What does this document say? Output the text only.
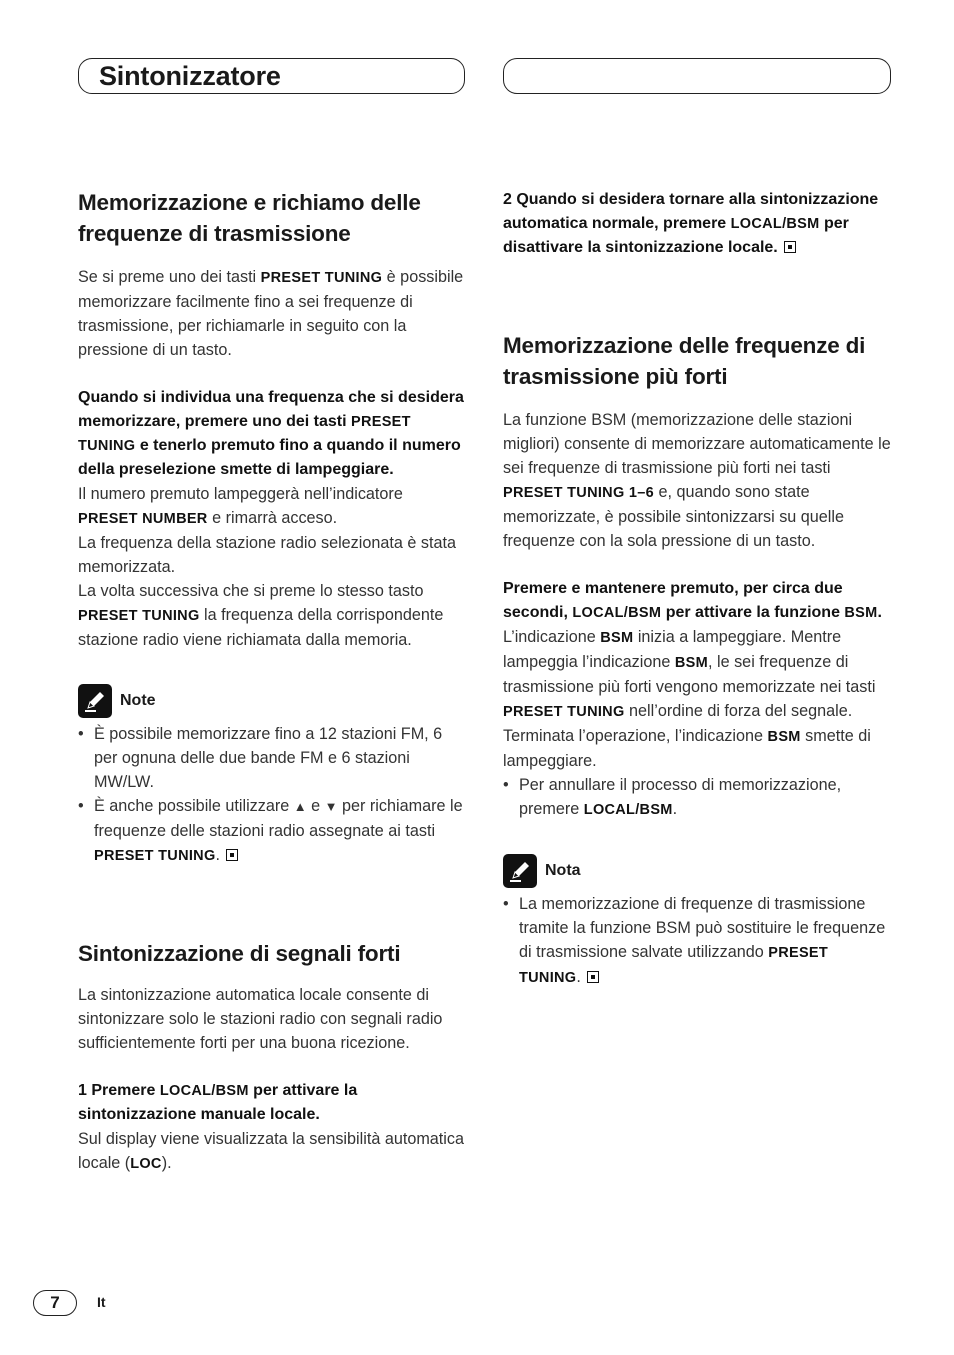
Sintonizzatore
Memorizzazione e richiamo delle frequenze di trasmissione

Se si preme uno dei tasti PRESET TUNING è possibile memorizzare facilmente fino a sei frequenze di trasmissione, per richiamarle in seguito con la pressione di un tasto.

Quando si individua una frequenza che si desidera memorizzare, premere uno dei tasti PRESET TUNING e tenerlo premuto fino a quando il numero della preselezione smette di lampeggiare.

Il numero premuto lampeggerà nell’indicatore PRESET NUMBER e rimarrà acceso.

La frequenza della stazione radio selezionata è stata memorizzata.

La volta successiva che si preme lo stesso tasto PRESET TUNING la frequenza della corrispondente stazione radio viene richiamata dalla memoria.

Note
• È possibile memorizzare fino a 12 stazioni FM, 6 per ognuna delle due bande FM e 6 stazioni MW/LW.
• È anche possibile utilizzare ▲ e ▼ per richiamare le frequenze delle stazioni radio assegnate ai tasti PRESET TUNING.
Sintonizzazione di segnali forti

La sintonizzazione automatica locale consente di sintonizzare solo le stazioni radio con segnali radio sufficientemente forti per una buona ricezione.

1 Premere LOCAL/BSM per attivare la sintonizzazione manuale locale.

Sul display viene visualizzata la sensibilità automatica locale (LOC).

2 Quando si desidera tornare alla sintonizzazione automatica normale, premere LOCAL/BSM per disattivare la sintonizzazione locale.

Memorizzazione delle frequenze di trasmissione più forti

La funzione BSM (memorizzazione delle stazioni migliori) consente di memorizzare automaticamente le sei frequenze di trasmissione più forti nei tasti PRESET TUNING 1–6 e, quando sono state memorizzate, è possibile sintonizzarsi su quelle frequenze con la sola pressione di un tasto.

Premere e mantenere premuto, per circa due secondi, LOCAL/BSM per attivare la funzione BSM.

L’indicazione BSM inizia a lampeggiare. Mentre lampeggia l’indicazione BSM, le sei frequenze di trasmissione più forti vengono memorizzate nei tasti PRESET TUNING nell’ordine di forza del segnale. Terminata l’operazione, l’indicazione BSM smette di lampeggiare.

• Per annullare il processo di memorizzazione, premere LOCAL/BSM.
Nota
• La memorizzazione di frequenze di trasmissione tramite la funzione BSM può sostituire le frequenze di trasmissione salvate utilizzando PRESET TUNING.
7	It
